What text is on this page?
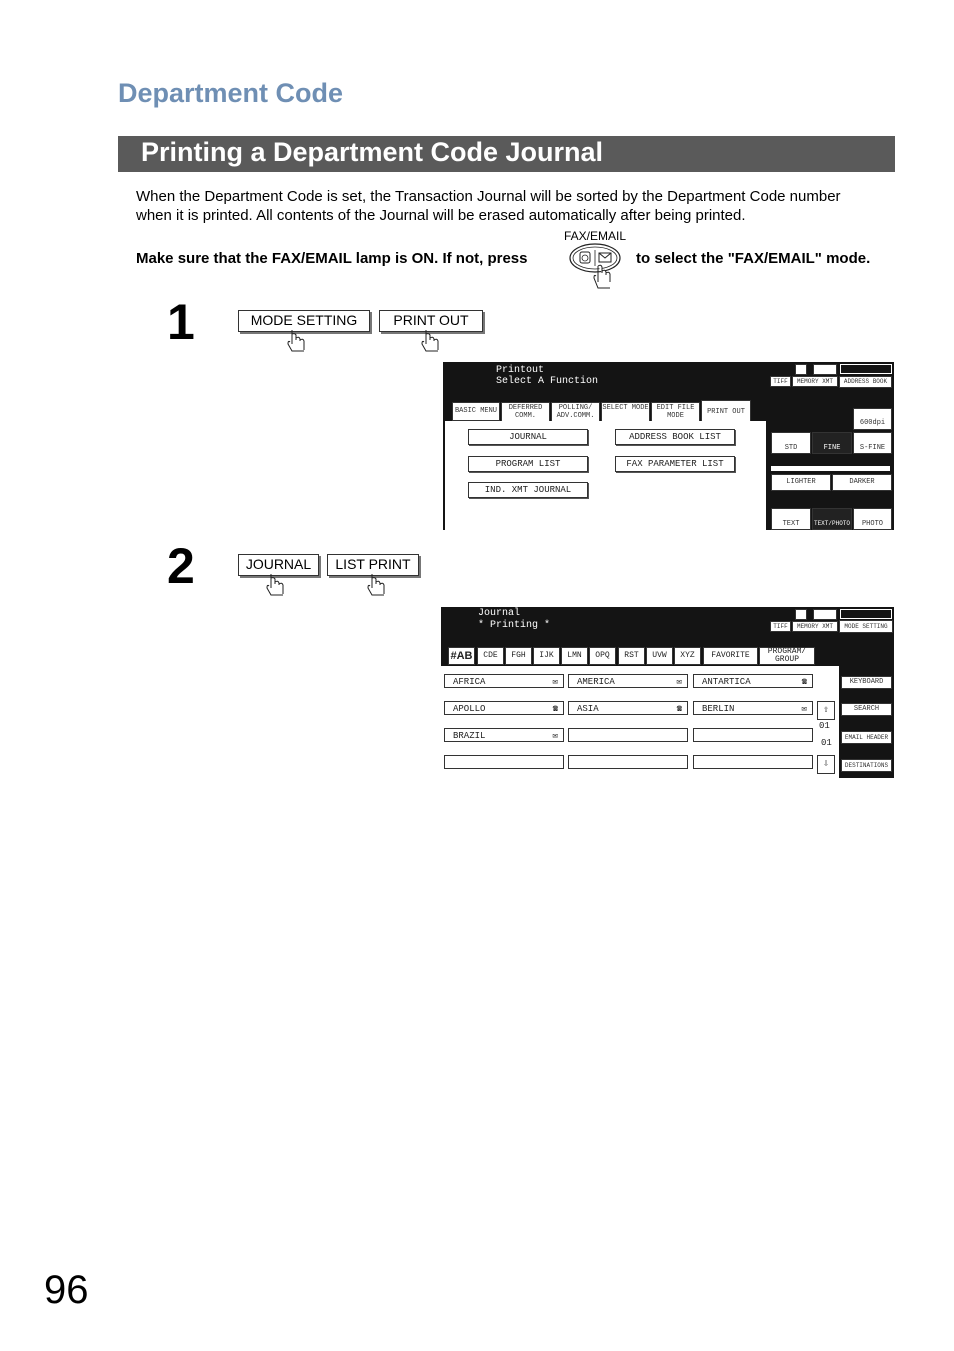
Department Code
Printing a Department Code Journal

When the Department Code is set, the Transaction Journal will be sorted by the Department Code number

when it is printed. All contents of the Journal will be erased automatically after being printed.

FAX/EMAIL
Make sure that the FAX/EMAIL lamp is ON. If not, press	to select the "FAX/EMAIL" mode.
1	MODE SETTING	PRINT OUT
Printout
Select A Function	TIFF	MEMORY XMT	ADDRESS BOOK
BASIC MENU	DEFERRED COMM.
POLLING/ ADV.COMM.
SELECT MODE	EDIT FILE MODE	PRINT OUT
JOURNAL	ADDRESS BOOK LIST
PROGRAM LIST	FAX PARAMETER LIST
IND. XMT JOURNAL
600dpi
STD	FINE	S-FINE
LIGHTER	DARKER
TEXT	TEXT/PHOTO	PHOTO
2	JOURNAL	LIST PRINT
Journal
* Printing *	TIFF	MEMORY XMT	MODE SETTING
#AB	CDE	FGH	IJK	LMN	OPQ	RST	UVW	XYZ	FAVORITE	PROGRAM/ GROUP
AFRICA	✉	AMERICA	✉	ANTARTICA	☎
APOLLO	☎	ASIA	☎	BERLIN	✉
BRAZIL	✉
⇧
01
01
⇩
KEYBOARD
SEARCH
EMAIL HEADER
DESTINATIONS
96
